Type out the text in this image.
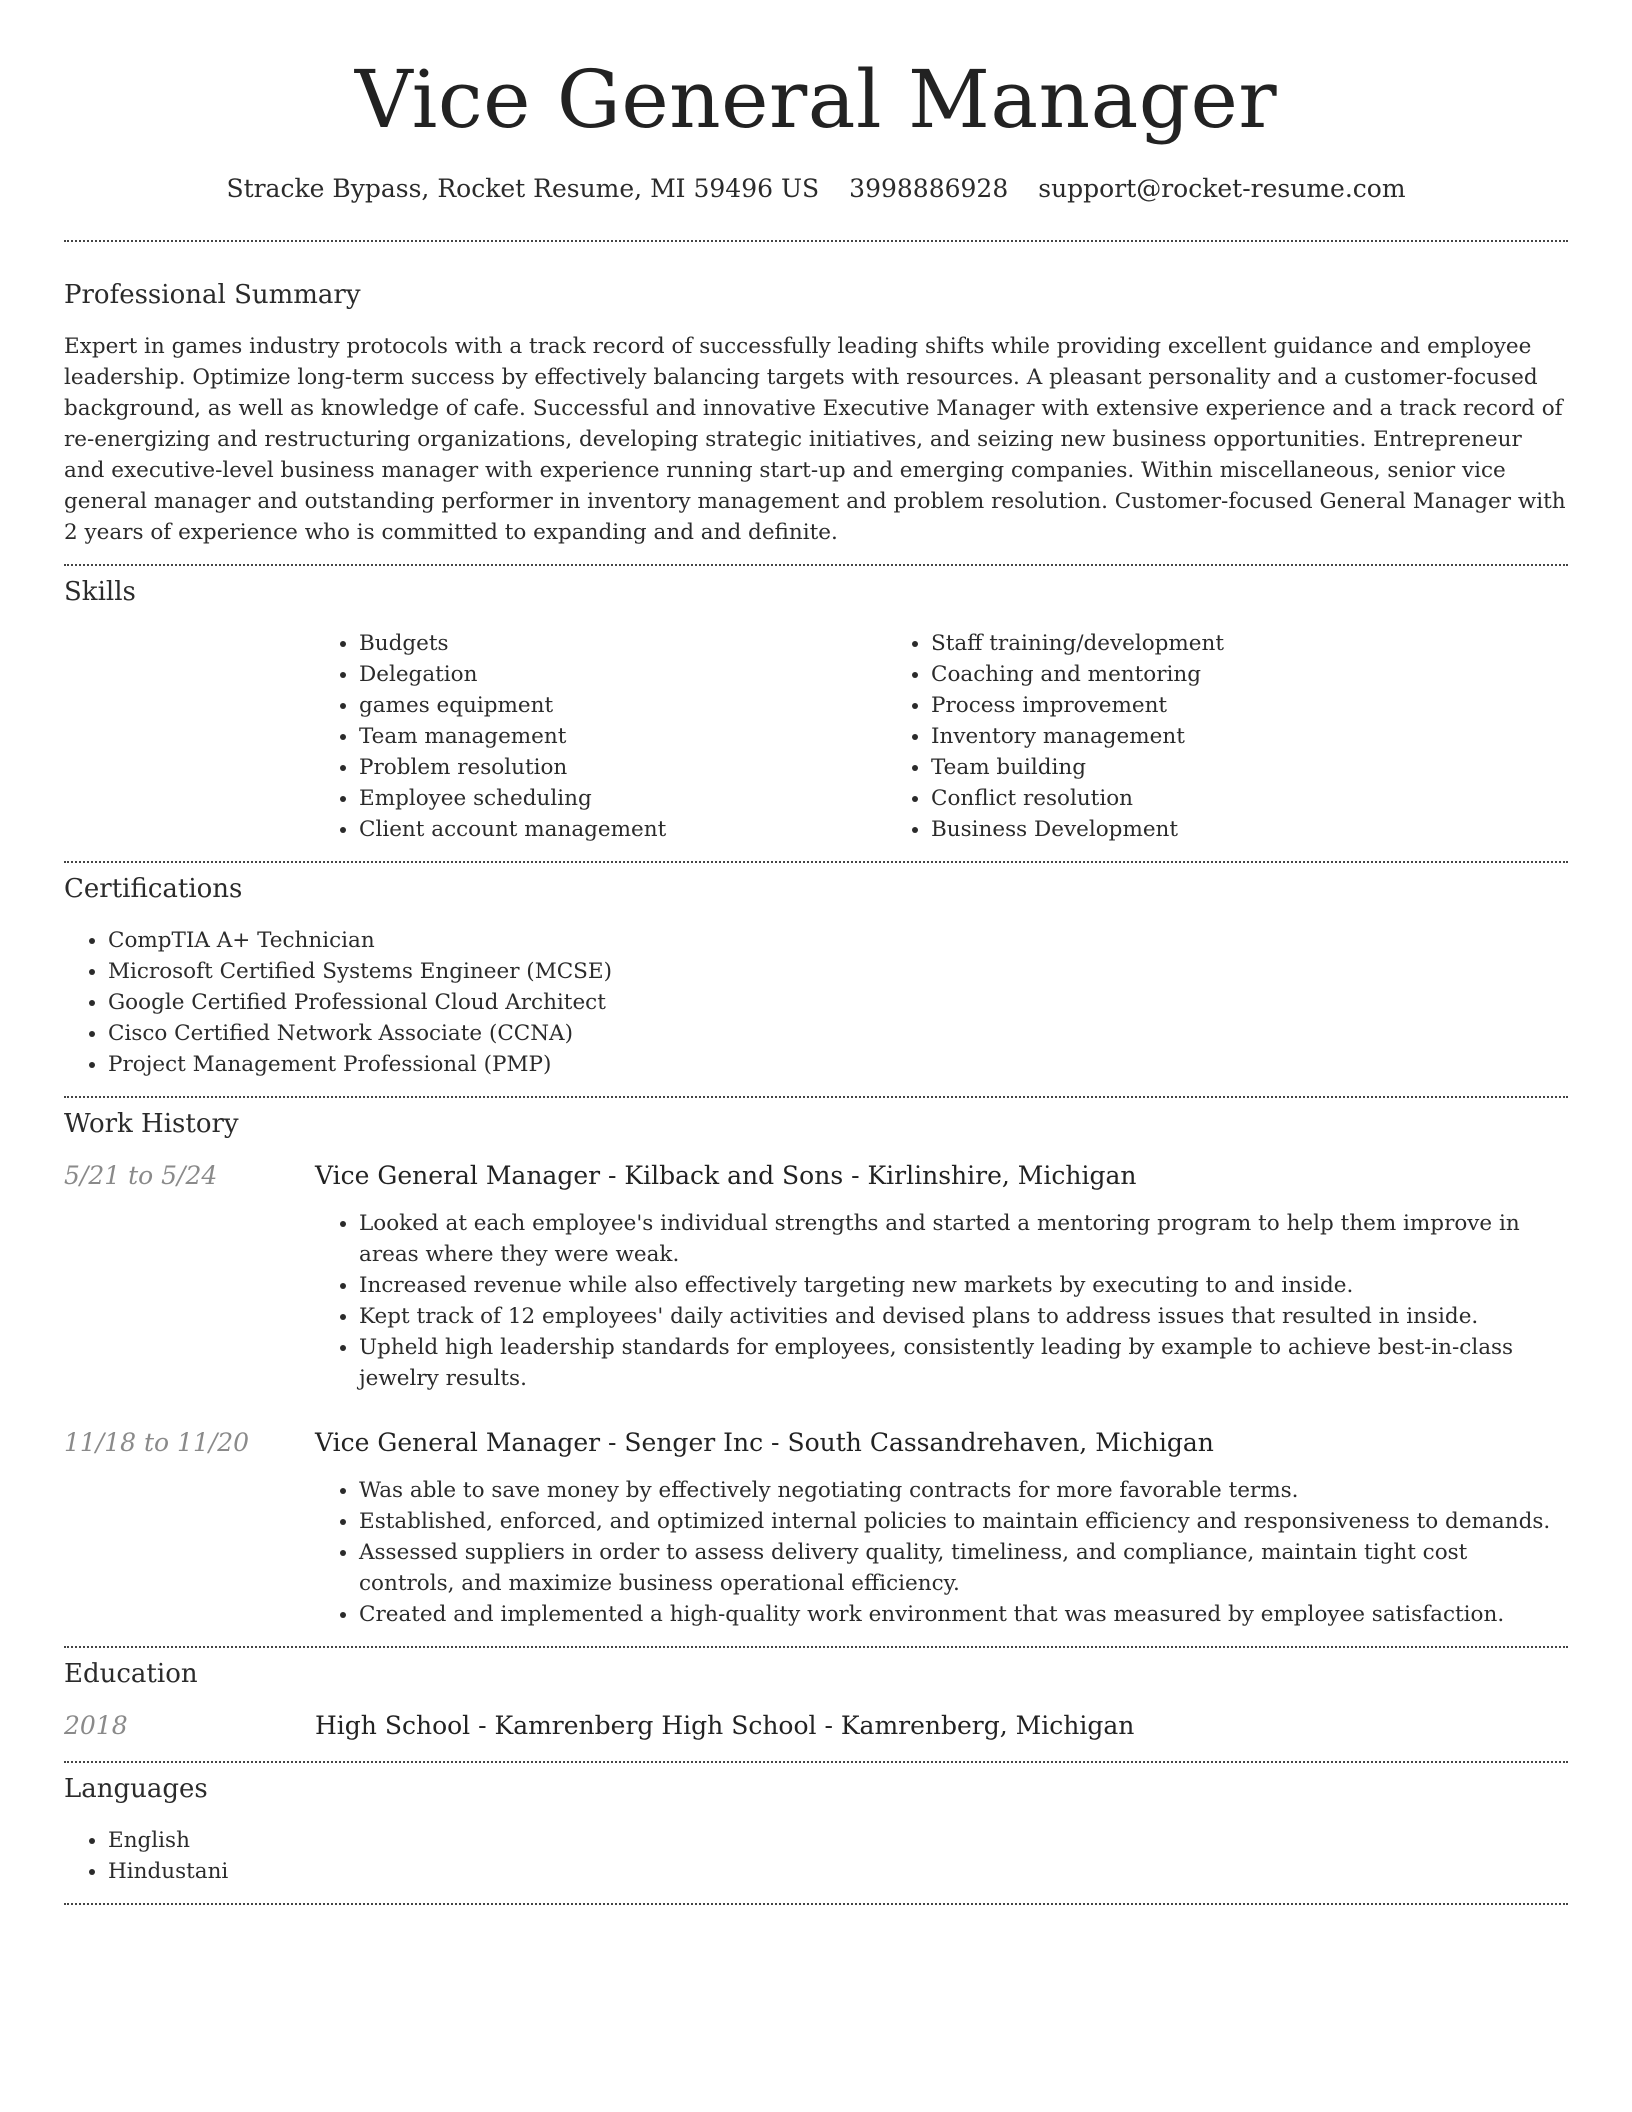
Vice General Manager
Stracke Bypass, Rocket Resume, MI 59496 US 3998886928 support@rocket-resume.com
Professional Summary

Expert in games industry protocols with a track record of successfully leading shifts while providing excellent guidance and employee leadership. Optimize long-term success by effectively balancing targets with resources. A pleasant personality and a customer-focused background, as well as knowledge of cafe. Successful and innovative Executive Manager with extensive experience and a track record of re-energizing and restructuring organizations, developing strategic initiatives, and seizing new business opportunities. Entrepreneur and executive-level business manager with experience running start-up and emerging companies. Within miscellaneous, senior vice general manager and outstanding performer in inventory management and problem resolution. Customer-focused General Manager with 2 years of experience who is committed to expanding and and definite.

Skills
• Budgets
• Delegation
• games equipment
• Team management
• Problem resolution
• Employee scheduling
• Client account management
• Staff training/development
• Coaching and mentoring
• Process improvement
• Inventory management
• Team building
• Conflict resolution
• Business Development
Certifications
• CompTIA A+ Technician
• Microsoft Certified Systems Engineer (MCSE)
• Google Certified Professional Cloud Architect
• Cisco Certified Network Associate (CCNA)
• Project Management Professional (PMP)
Work History
5/21 to 5/24	Vice General Manager - Kilback and Sons - Kirlinshire, Michigan

• Looked at each employee's individual strengths and started a mentoring program to help them improve in areas where they were weak.
• Increased revenue while also effectively targeting new markets by executing to and inside.
• Kept track of 12 employees' daily activities and devised plans to address issues that resulted in inside.
• Upheld high leadership standards for employees, consistently leading by example to achieve best-in-class jewelry results.
11/18 to 11/20	Vice General Manager - Senger Inc - South Cassandrehaven, Michigan

• Was able to save money by effectively negotiating contracts for more favorable terms.
• Established, enforced, and optimized internal policies to maintain efficiency and responsiveness to demands.
• Assessed suppliers in order to assess delivery quality, timeliness, and compliance, maintain tight cost controls, and maximize business operational efficiency.
• Created and implemented a high-quality work environment that was measured by employee satisfaction.
Education
2018	High School - Kamrenberg High School - Kamrenberg, Michigan

Languages
• English
• Hindustani
